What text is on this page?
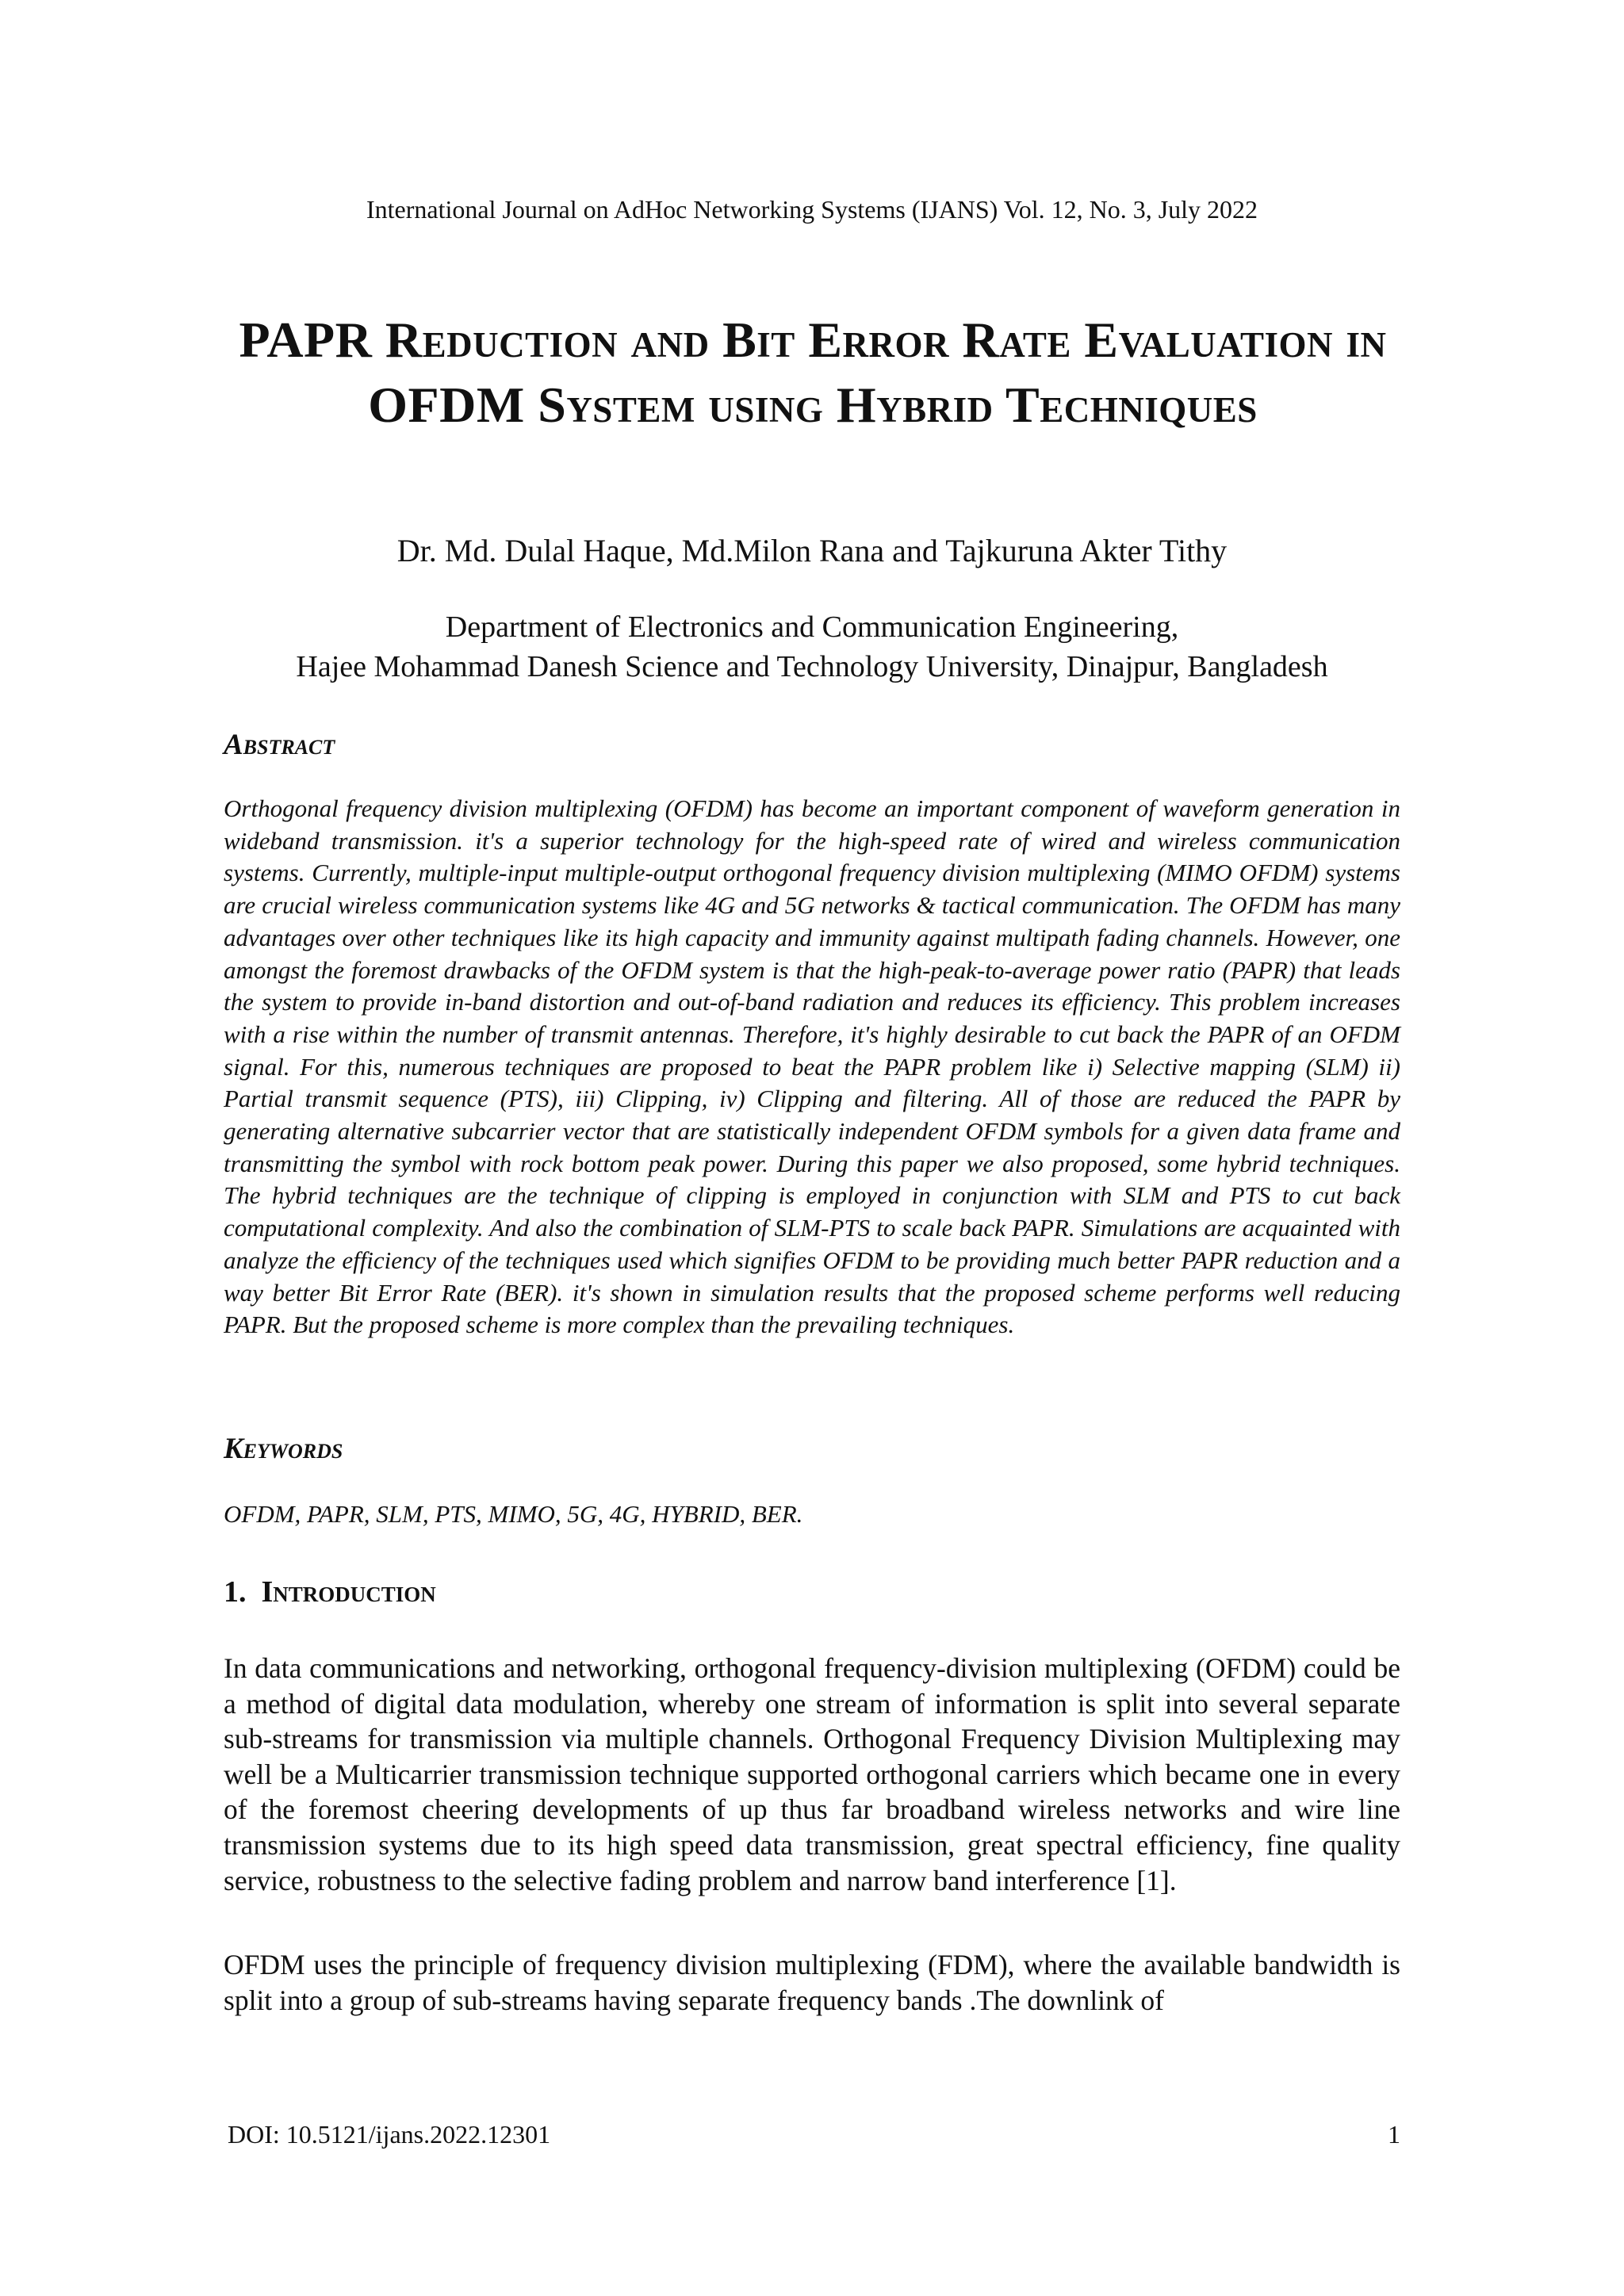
International Journal on AdHoc Networking Systems (IJANS) Vol. 12, No. 3, July 2022
PAPR Reduction and Bit Error Rate Evaluation in OFDM System using Hybrid Techniques
Dr. Md. Dulal Haque, Md.Milon Rana and Tajkuruna Akter Tithy
Department of Electronics and Communication Engineering,
Hajee Mohammad Danesh Science and Technology University, Dinajpur, Bangladesh
Abstract
Orthogonal frequency division multiplexing (OFDM) has become an important component of waveform generation in wideband transmission. it's a superior technology for the high-speed rate of wired and wireless communication systems. Currently, multiple-input multiple-output orthogonal frequency division multiplexing (MIMO OFDM) systems are crucial wireless communication systems like 4G and 5G networks & tactical communication. The OFDM has many advantages over other techniques like its high capacity and immunity against multipath fading channels. However, one amongst the foremost drawbacks of the OFDM system is that the high-peak-to-average power ratio (PAPR) that leads the system to provide in-band distortion and out-of-band radiation and reduces its efficiency. This problem increases with a rise within the number of transmit antennas. Therefore, it's highly desirable to cut back the PAPR of an OFDM signal. For this, numerous techniques are proposed to beat the PAPR problem like i) Selective mapping (SLM) ii) Partial transmit sequence (PTS), iii) Clipping, iv) Clipping and filtering. All of those are reduced the PAPR by generating alternative subcarrier vector that are statistically independent OFDM symbols for a given data frame and transmitting the symbol with rock bottom peak power. During this paper we also proposed, some hybrid techniques. The hybrid techniques are the technique of clipping is employed in conjunction with SLM and PTS to cut back computational complexity. And also the combination of SLM-PTS to scale back PAPR. Simulations are acquainted with analyze the efficiency of the techniques used which signifies OFDM to be providing much better PAPR reduction and a way better Bit Error Rate (BER). it's shown in simulation results that the proposed scheme performs well reducing PAPR. But the proposed scheme is more complex than the prevailing techniques.
Keywords
OFDM, PAPR, SLM, PTS, MIMO, 5G, 4G, HYBRID, BER.
1.  Introduction
In data communications and networking, orthogonal frequency-division multiplexing (OFDM) could be a method of digital data modulation, whereby one stream of information is split into several separate sub-streams for transmission via multiple channels. Orthogonal Frequency Division Multiplexing may well be a Multicarrier transmission technique supported orthogonal carriers which became one in every of the foremost cheering developments of up thus far broadband wireless networks and wire line transmission systems due to its high speed data transmission, great spectral efficiency, fine quality service, robustness to the selective fading problem and narrow band interference [1].
OFDM uses the principle of frequency division multiplexing (FDM), where the available bandwidth is split into a group of sub-streams having separate frequency bands .The downlink of
DOI: 10.5121/ijans.2022.12301	1
